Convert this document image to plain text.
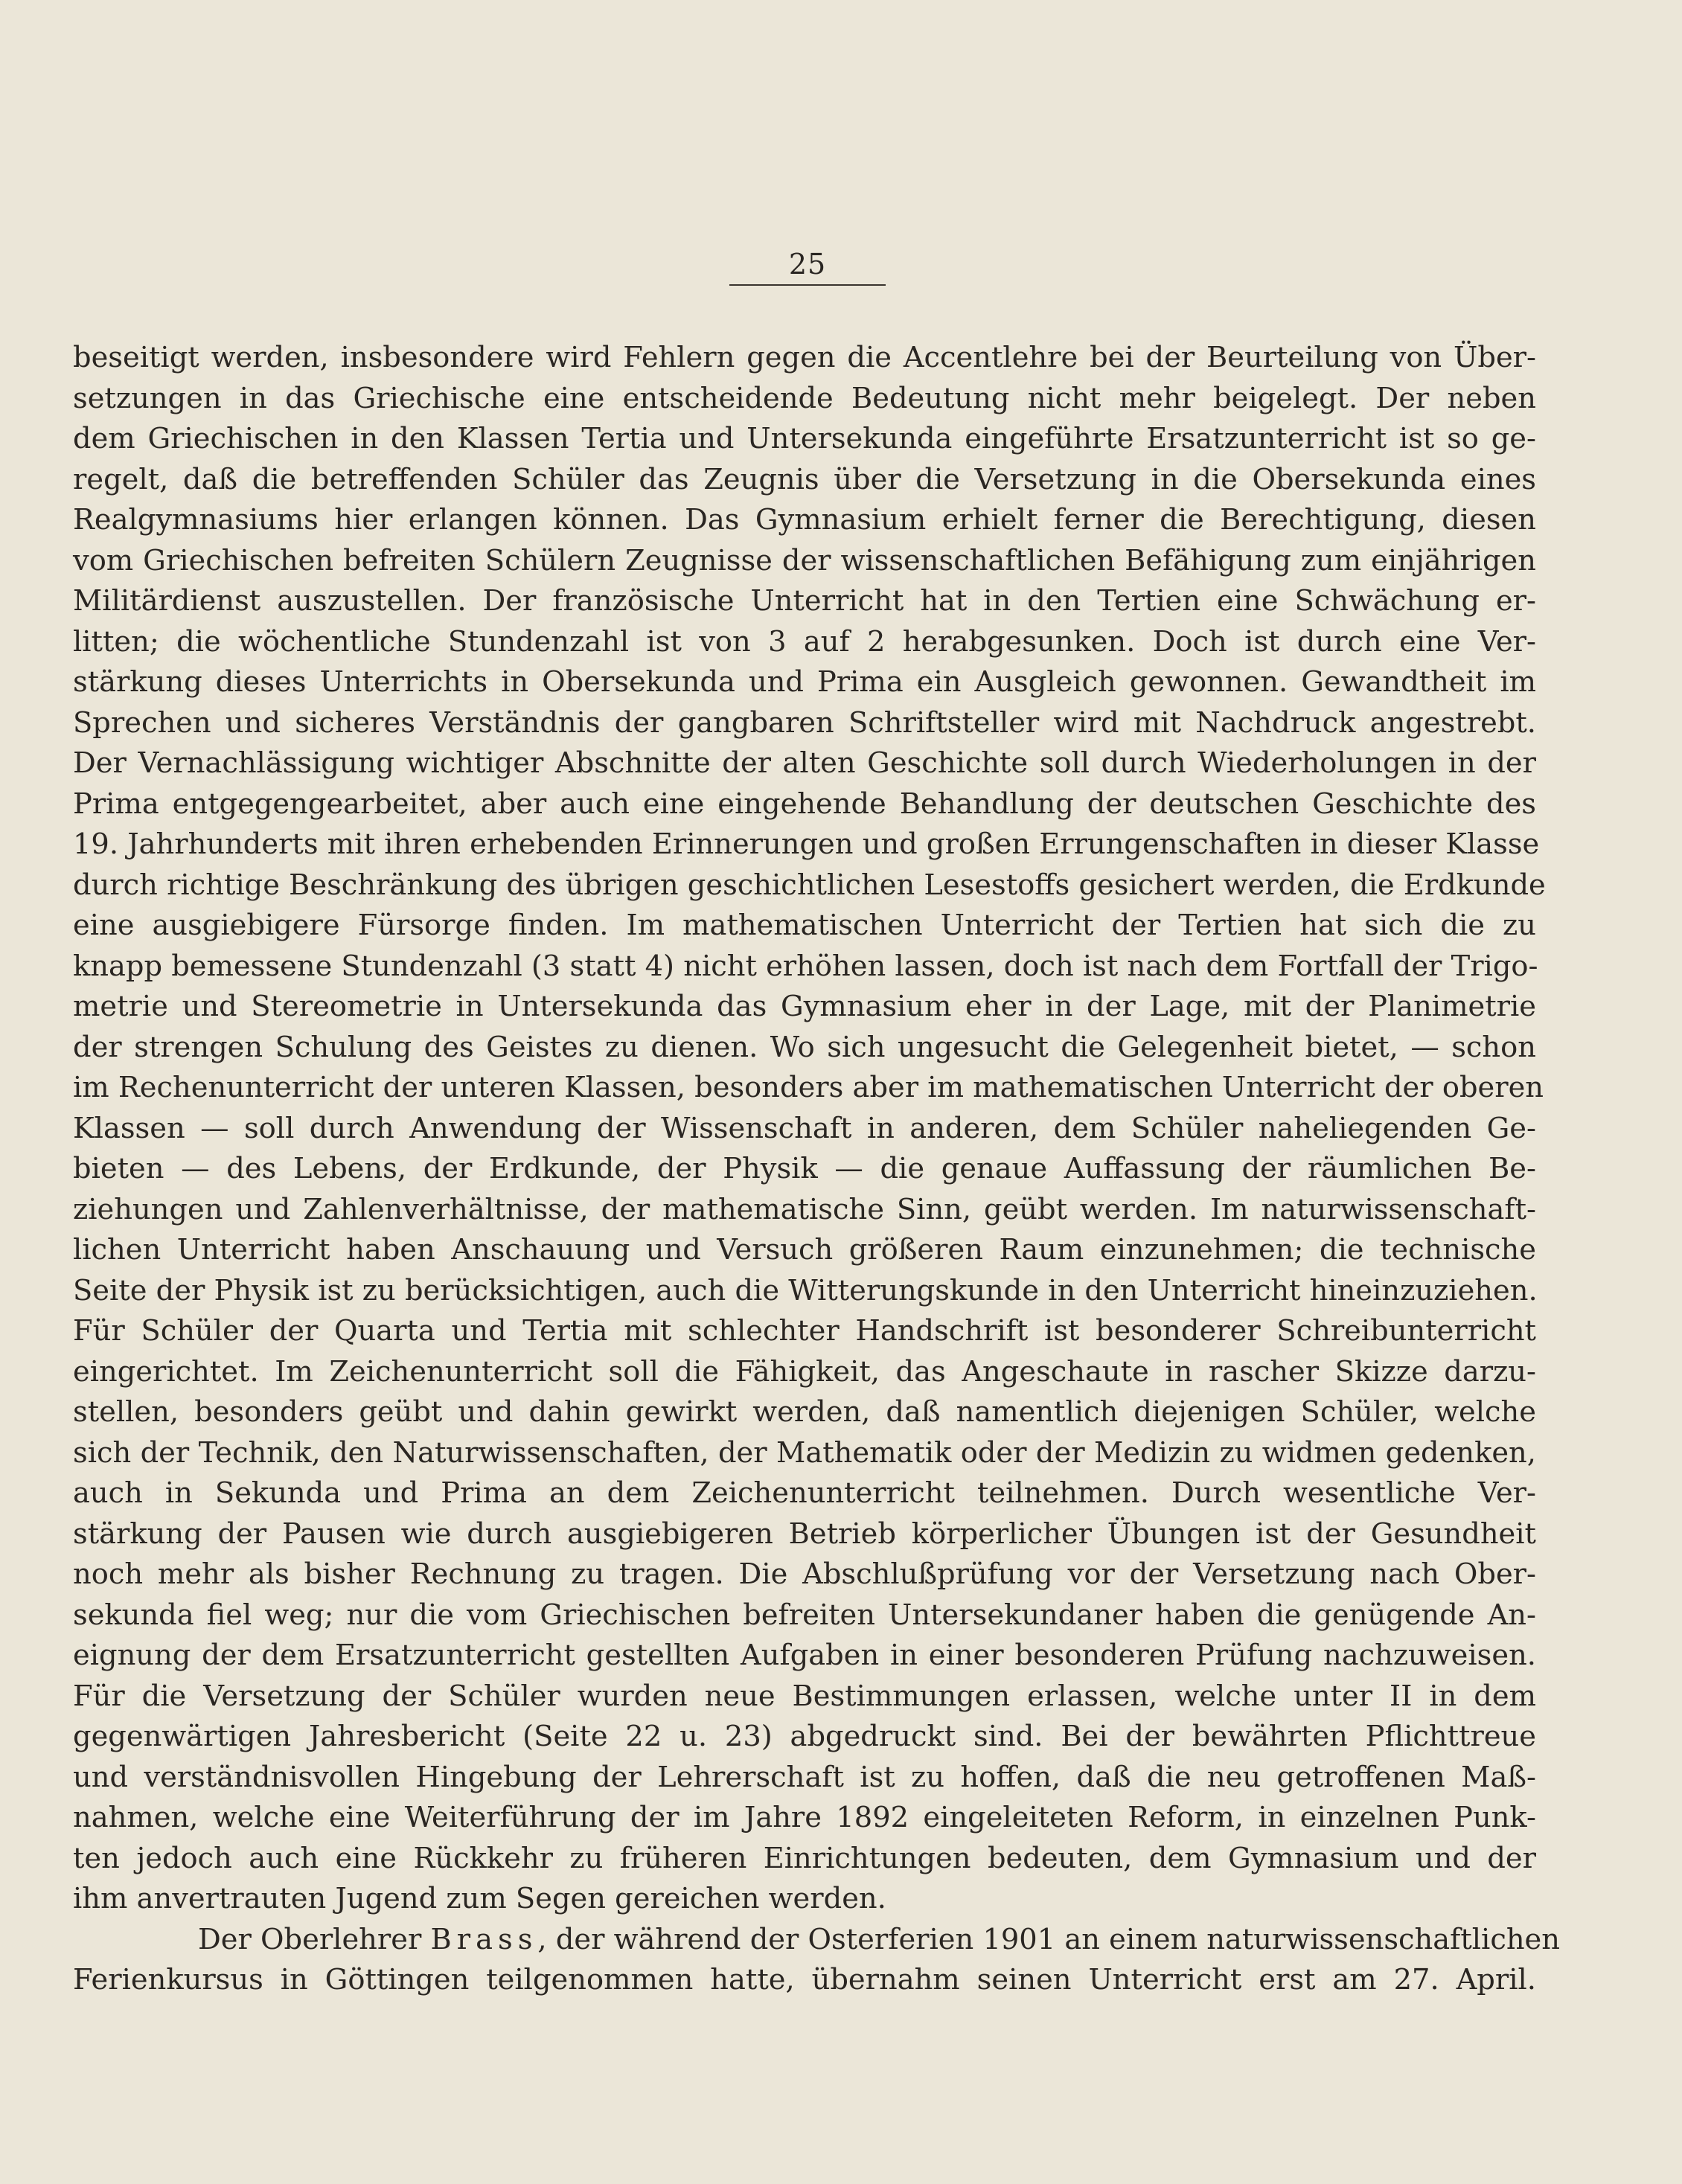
25
beseitigt werden, insbesondere wird Fehlern gegen die Accentlehre bei der Beurteilung von Über-
setzungen in das Griechische eine entscheidende Bedeutung nicht mehr beigelegt. Der neben
dem Griechischen in den Klassen Tertia und Untersekunda eingeführte Ersatzunterricht ist so ge-
regelt, daß die betreffenden Schüler das Zeugnis über die Versetzung in die Obersekunda eines
Realgymnasiums hier erlangen können. Das Gymnasium erhielt ferner die Berechtigung, diesen
vom Griechischen befreiten Schülern Zeugnisse der wissenschaftlichen Befähigung zum einjährigen
Militärdienst auszustellen. Der französische Unterricht hat in den Tertien eine Schwächung er-
litten; die wöchentliche Stundenzahl ist von 3 auf 2 herabgesunken. Doch ist durch eine Ver-
stärkung dieses Unterrichts in Obersekunda und Prima ein Ausgleich gewonnen. Gewandtheit im
Sprechen und sicheres Verständnis der gangbaren Schriftsteller wird mit Nachdruck angestrebt.
Der Vernachlässigung wichtiger Abschnitte der alten Geschichte soll durch Wiederholungen in der
Prima entgegengearbeitet, aber auch eine eingehende Behandlung der deutschen Geschichte des
19. Jahrhunderts mit ihren erhebenden Erinnerungen und großen Errungenschaften in dieser Klasse
durch richtige Beschränkung des übrigen geschichtlichen Lesestoffs gesichert werden, die Erdkunde
eine ausgiebigere Fürsorge finden. Im mathematischen Unterricht der Tertien hat sich die zu
knapp bemessene Stundenzahl (3 statt 4) nicht erhöhen lassen, doch ist nach dem Fortfall der Trigo-
metrie und Stereometrie in Untersekunda das Gymnasium eher in der Lage, mit der Planimetrie
der strengen Schulung des Geistes zu dienen. Wo sich ungesucht die Gelegenheit bietet, — schon
im Rechenunterricht der unteren Klassen, besonders aber im mathematischen Unterricht der oberen
Klassen — soll durch Anwendung der Wissenschaft in anderen, dem Schüler naheliegenden Ge-
bieten — des Lebens, der Erdkunde, der Physik — die genaue Auffassung der räumlichen Be-
ziehungen und Zahlenverhältnisse, der mathematische Sinn, geübt werden. Im naturwissenschaft-
lichen Unterricht haben Anschauung und Versuch größeren Raum einzunehmen; die technische
Seite der Physik ist zu berücksichtigen, auch die Witterungskunde in den Unterricht hineinzuziehen.
Für Schüler der Quarta und Tertia mit schlechter Handschrift ist besonderer Schreibunterricht
eingerichtet. Im Zeichenunterricht soll die Fähigkeit, das Angeschaute in rascher Skizze darzu-
stellen, besonders geübt und dahin gewirkt werden, daß namentlich diejenigen Schüler, welche
sich der Technik, den Naturwissenschaften, der Mathematik oder der Medizin zu widmen gedenken,
auch in Sekunda und Prima an dem Zeichenunterricht teilnehmen. Durch wesentliche Ver-
stärkung der Pausen wie durch ausgiebigeren Betrieb körperlicher Übungen ist der Gesundheit
noch mehr als bisher Rechnung zu tragen. Die Abschlußprüfung vor der Versetzung nach Ober-
sekunda fiel weg; nur die vom Griechischen befreiten Untersekundaner haben die genügende An-
eignung der dem Ersatzunterricht gestellten Aufgaben in einer besonderen Prüfung nachzuweisen.
Für die Versetzung der Schüler wurden neue Bestimmungen erlassen, welche unter II in dem
gegenwärtigen Jahresbericht (Seite 22 u. 23) abgedruckt sind. Bei der bewährten Pflichttreue
und verständnisvollen Hingebung der Lehrerschaft ist zu hoffen, daß die neu getroffenen Maß-
nahmen, welche eine Weiterführung der im Jahre 1892 eingeleiteten Reform, in einzelnen Punk-
ten jedoch auch eine Rückkehr zu früheren Einrichtungen bedeuten, dem Gymnasium und der
ihm anvertrauten Jugend zum Segen gereichen werden.
Der Oberlehrer Brass, der während der Osterferien 1901 an einem naturwissenschaftlichen
Ferienkursus in Göttingen teilgenommen hatte, übernahm seinen Unterricht erst am 27. April.
